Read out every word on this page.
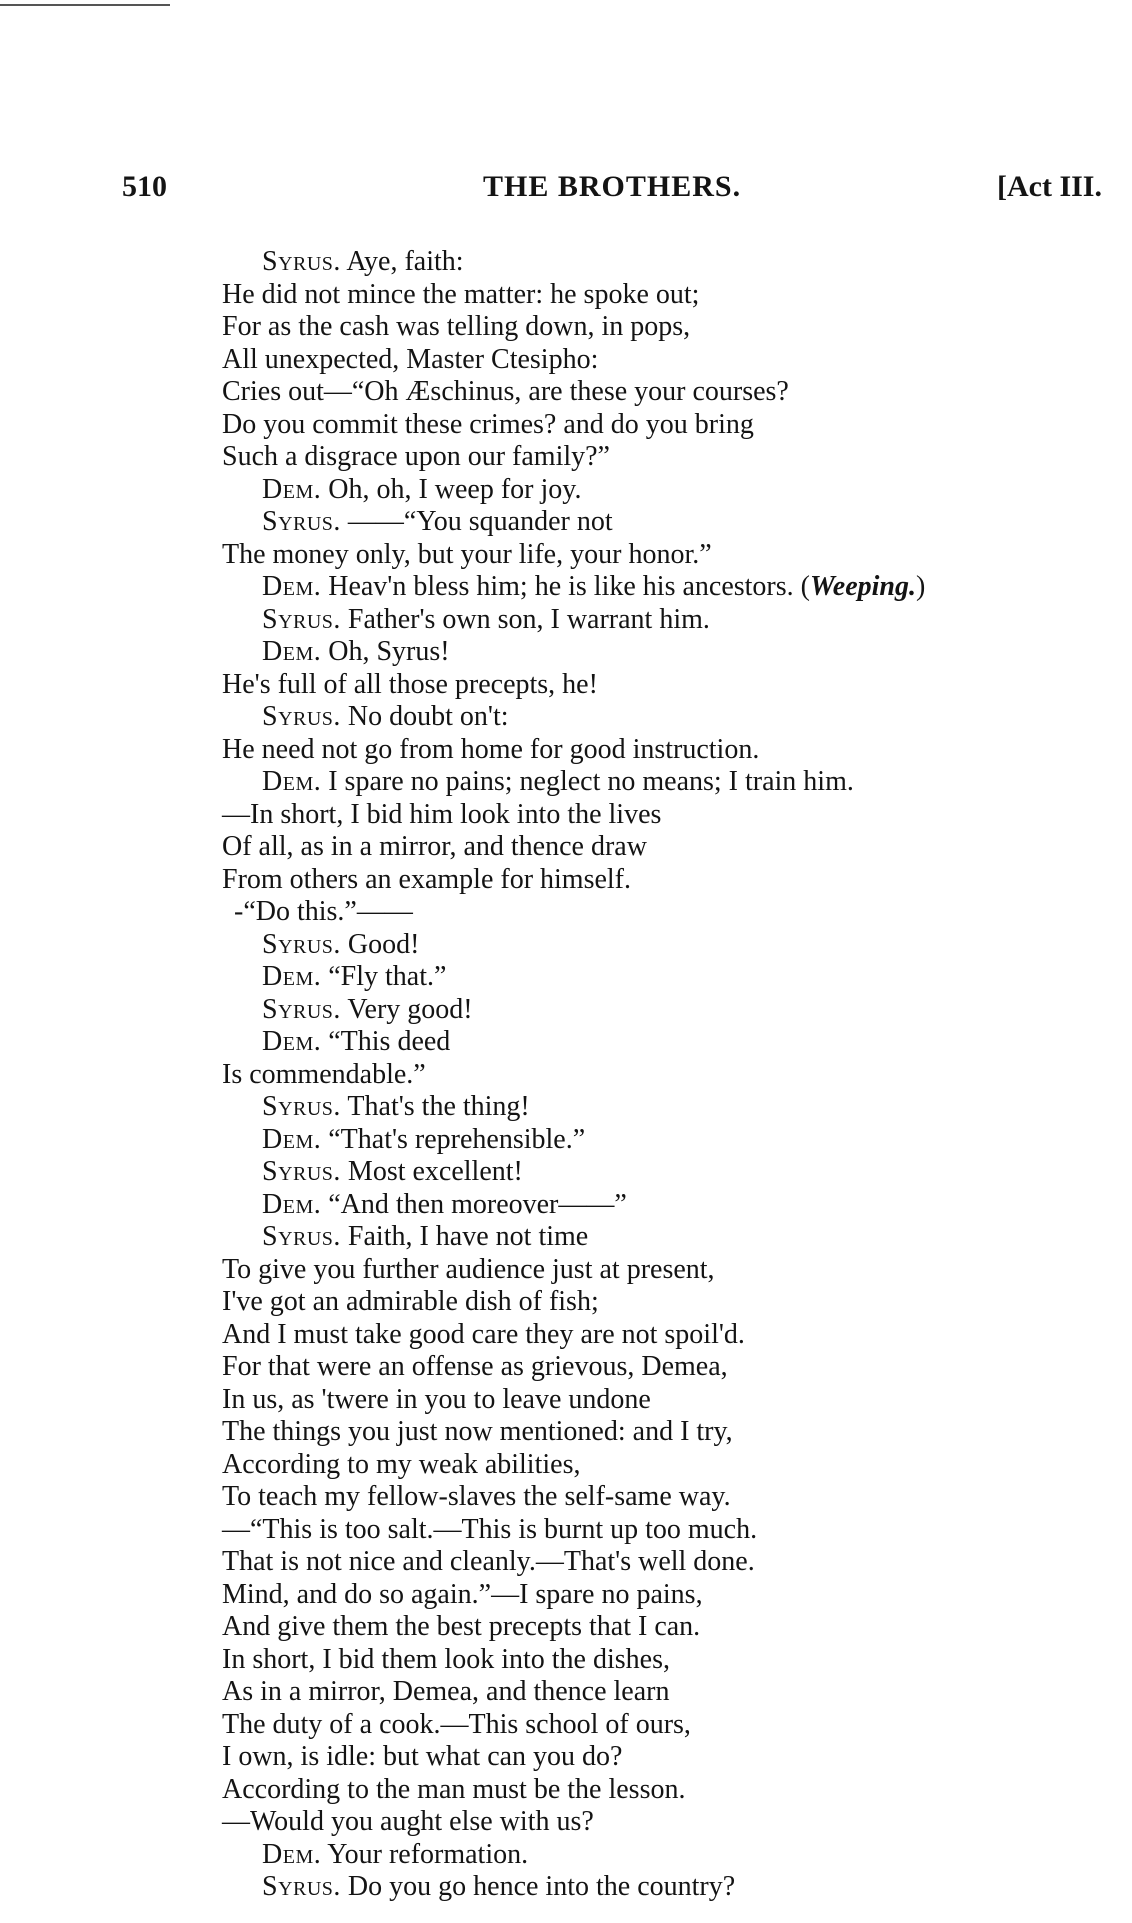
510	THE BROTHERS.	[Act III.
Syrus. Aye, faith:
He did not mince the matter: he spoke out;
For as the cash was telling down, in pops,
All unexpected, Master Ctesipho:
Cries out—“Oh Æschinus, are these your courses?
Do you commit these crimes? and do you bring
Such a disgrace upon our family?”
Dem. Oh, oh, I weep for joy.
Syrus. ——“You squander not
The money only, but your life, your honor.”
Dem. Heav'n bless him; he is like his ancestors. (Weeping.)
Syrus. Father's own son, I warrant him.
Dem. Oh, Syrus!
He's full of all those precepts, he!
Syrus. No doubt on't:
He need not go from home for good instruction.
Dem. I spare no pains; neglect no means; I train him.
—In short, I bid him look into the lives
Of all, as in a mirror, and thence draw
From others an example for himself.
-“Do this.”——
Syrus. Good!
Dem. “Fly that.”
Syrus. Very good!
Dem. “This deed
Is commendable.”
Syrus. That's the thing!
Dem. “That's reprehensible.”
Syrus. Most excellent!
Dem. “And then moreover——”
Syrus. Faith, I have not time
To give you further audience just at present,
I've got an admirable dish of fish;
And I must take good care they are not spoil'd.
For that were an offense as grievous, Demea,
In us, as 'twere in you to leave undone
The things you just now mentioned: and I try,
According to my weak abilities,
To teach my fellow-slaves the self-same way.
—“This is too salt.—This is burnt up too much.
That is not nice and cleanly.—That's well done.
Mind, and do so again.”—I spare no pains,
And give them the best precepts that I can.
In short, I bid them look into the dishes,
As in a mirror, Demea, and thence learn
The duty of a cook.—This school of ours,
I own, is idle: but what can you do?
According to the man must be the lesson.
—Would you aught else with us?
Dem. Your reformation.
Syrus. Do you go hence into the country?
